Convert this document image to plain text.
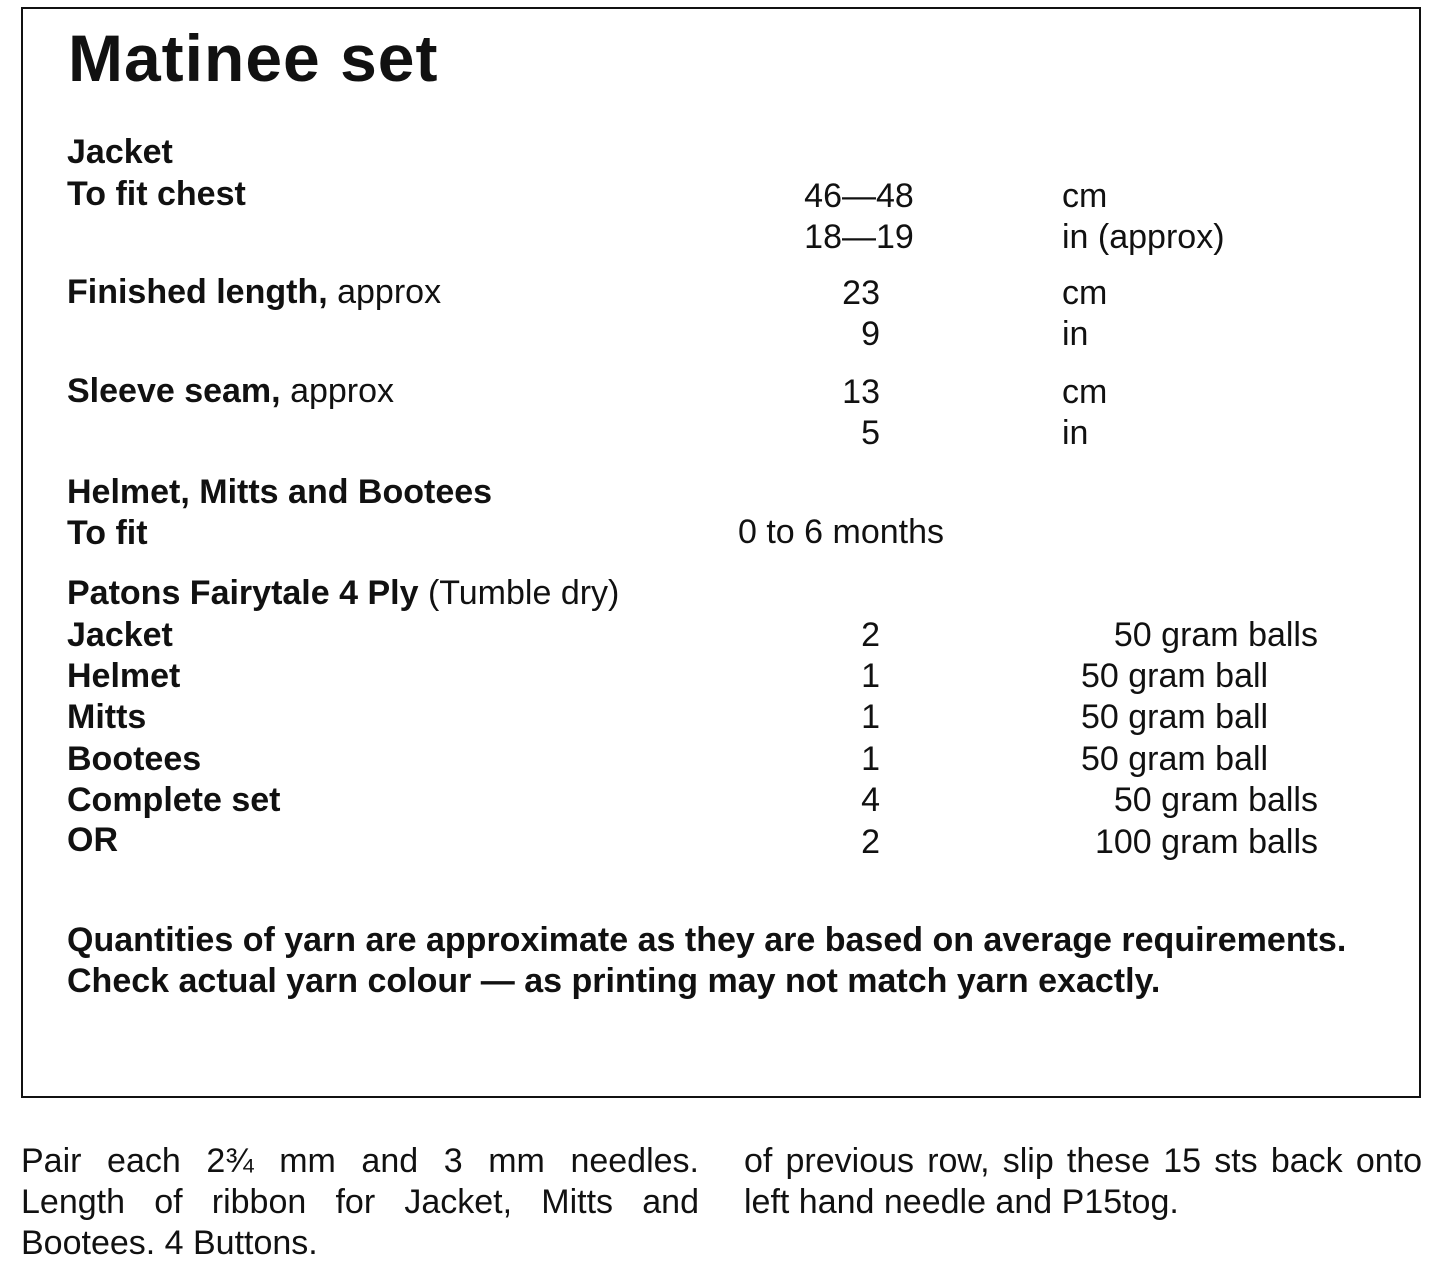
Matinee set
Jacket
To fit chest	46—48	cm
18—19	in (approx)
Finished length, approx	23	cm
9	in
Sleeve seam, approx	13	cm
5	in
Helmet, Mitts and Bootees
To fit	0 to 6 months
Patons Fairytale 4 Ply (Tumble dry)
Jacket	2	50 gram balls
Helmet	1	50 gram ball
Mitts	1	50 gram ball
Bootees	1	50 gram ball
Complete set	4	50 gram balls
OR	2	100 gram balls

Quantities of yarn are approximate as they are based on average requirements.

Check actual yarn colour — as printing may not match yarn exactly.

Pair each 2¾ mm and 3 mm needles. Length of ribbon for Jacket, Mitts and Bootees. 4 Buttons.
of previous row, slip these 15 sts back onto left hand needle and P15tog.
